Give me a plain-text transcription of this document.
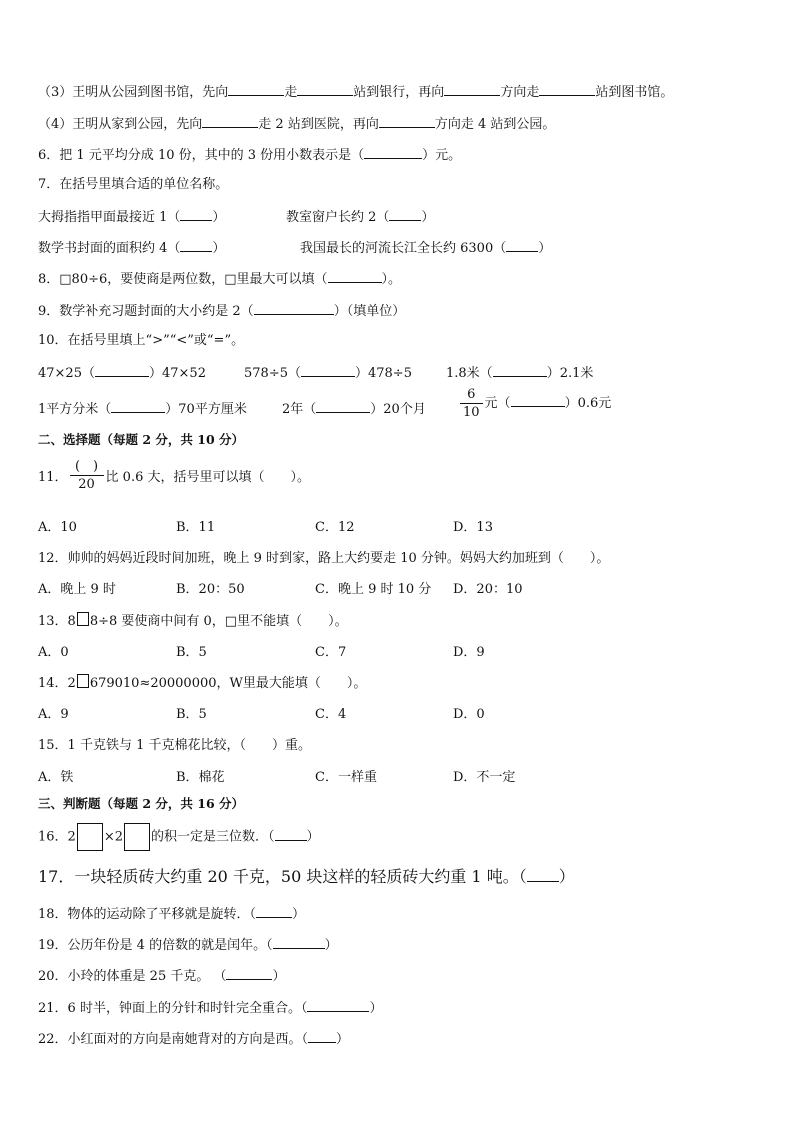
（3）王明从公园到图书馆，先向	走	站到银行，再向	方向走	站到图书馆。
（4）王明从家到公园，先向	走 2 站到医院，再向	方向走 4 站到公园。
6．把 1 元平均分成 10 份，其中的 3 份用小数表示是（	）元。
7．在括号里填合适的单位名称。
大拇指指甲面最接近 1（ ）	教室窗户长约 2（ ）
数学书封面的面积约 4（ ）	我国最长的河流长江全长约 6300（ ）
8．□80÷6，要使商是两位数，□里最大可以填（	）。
9．数学补充习题封面的大小约是 2（	）（填单位）
10．在括号里填上“>”“<”或“=”。
47×25（	）47×52	578÷5（	）478÷5	1.8米（	）2.1米
1平方分米（	）70平方厘米	2年（	）20个月	$\frac{6}{10}$ 元（	）0.6元
二、选择题（每题 2 分，共 10 分）
11． $\frac{( )}{20}$ 比 0.6 大，括号里可以填（　　）。
A．10	B．11	C．12	D．13
12．帅帅的妈妈近段时间加班，晚上 9 时到家，路上大约要走 10 分钟。妈妈大约加班到（　　）。
A．晚上 9 时	B．20：50	C．晚上 9 时 10 分 D．20：10
13．8 8÷8 要使商中间有 0，□里不能填（　　）。
A．0	B．5	C．7	D．9
14．2 679010≈20000000，W里最大能填（　　）。
A．9	B．5	C．4	D．0
15．1 千克铁与 1 千克棉花比较，（　　）重。
A．铁	B．棉花	C．一样重	D．不一定
三、判断题（每题 2 分，共 16 分）
16．2 ×2 的积一定是三位数．（ ）
17．一块轻质砖大约重 20 千克，50 块这样的轻质砖大约重 1 吨。（ ）
18．物体的运动除了平移就是旋转．（	）
19．公历年份是 4 的倍数的就是闰年。（	）
20．小玲的体重是 25 千克。 （	）
21．6 时半，钟面上的分针和时针完全重合。（	）
22．小红面对的方向是南她背对的方向是西。（ ）
